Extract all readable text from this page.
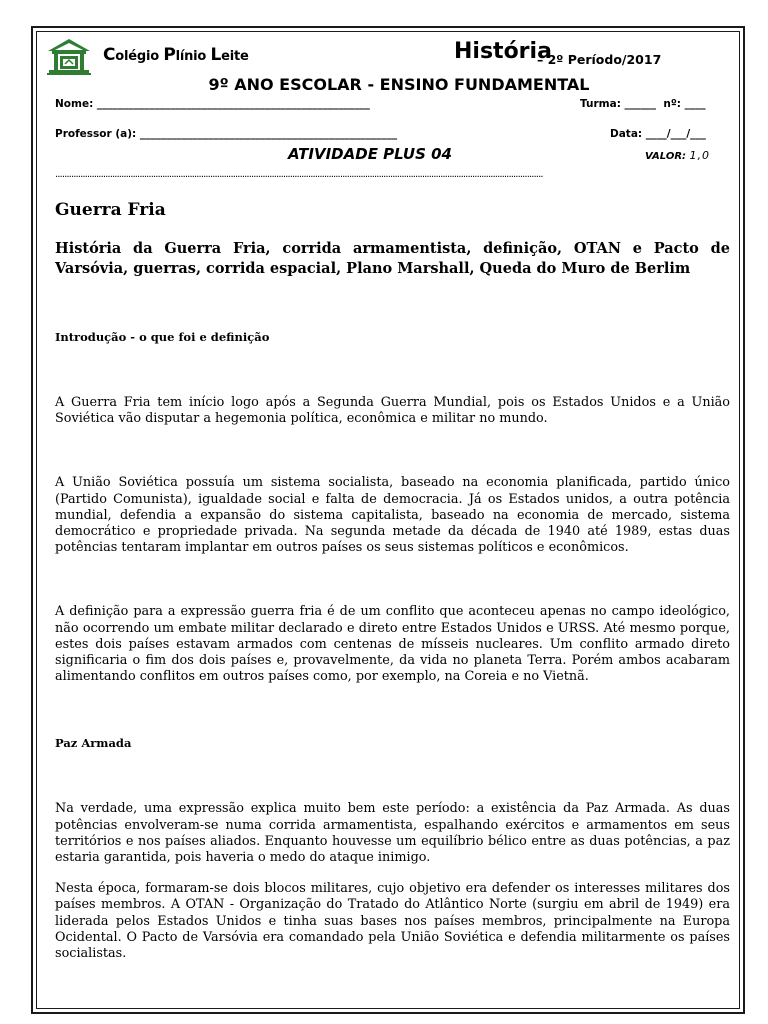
Colégio Plínio Leite	História
– 2º Período/2017
9º ANO ESCOLAR - ENSINO FUNDAMENTAL
Nome: ____________________________________________________	Turma: ______  nº: ____
Professor (a): _________________________________________________	Data: ____/___/___
ATIVIDADE PLUS 04	VALOR: 1,0
......................................................................................................................................................................................................................

Guerra Fria

História da Guerra Fria, corrida armamentista, definição, OTAN e Pacto de Varsóvia, guerras, corrida espacial, Plano Marshall, Queda do Muro de Berlim

Introdução - o que foi e definição

A Guerra Fria tem início logo após a Segunda Guerra Mundial, pois os Estados Unidos e a União Soviética vão disputar a hegemonia política, econômica e militar no mundo.

A União Soviética possuía um sistema socialista, baseado na economia planificada, partido único (Partido Comunista), igualdade social e falta de democracia. Já os Estados unidos, a outra potência mundial, defendia a expansão do sistema capitalista, baseado na economia de mercado, sistema democrático e propriedade privada. Na segunda metade da década de 1940 até 1989, estas duas potências tentaram implantar em outros países os seus sistemas políticos e econômicos.

A definição para a expressão guerra fria é de um conflito que aconteceu apenas no campo ideológico, não ocorrendo um embate militar declarado e direto entre Estados Unidos e URSS. Até mesmo porque, estes dois países estavam armados com centenas de mísseis nucleares. Um conflito armado direto significaria o fim dos dois países e, provavelmente, da vida no planeta Terra. Porém ambos acabaram alimentando conflitos em outros países como, por exemplo, na Coreia e no Vietnã.

Paz Armada

Na verdade, uma expressão explica muito bem este período: a existência da Paz Armada. As duas potências envolveram-se numa corrida armamentista, espalhando exércitos e armamentos em seus territórios e nos países aliados. Enquanto houvesse um equilíbrio bélico entre as duas potências, a paz estaria garantida, pois haveria o medo do ataque inimigo.

Nesta época, formaram-se dois blocos militares, cujo objetivo era defender os interesses militares dos países membros. A OTAN - Organização do Tratado do Atlântico Norte (surgiu em abril de 1949) era liderada pelos Estados Unidos e tinha suas bases nos países membros, principalmente na Europa Ocidental. O Pacto de Varsóvia era comandado pela União Soviética e defendia militarmente os países socialistas.
